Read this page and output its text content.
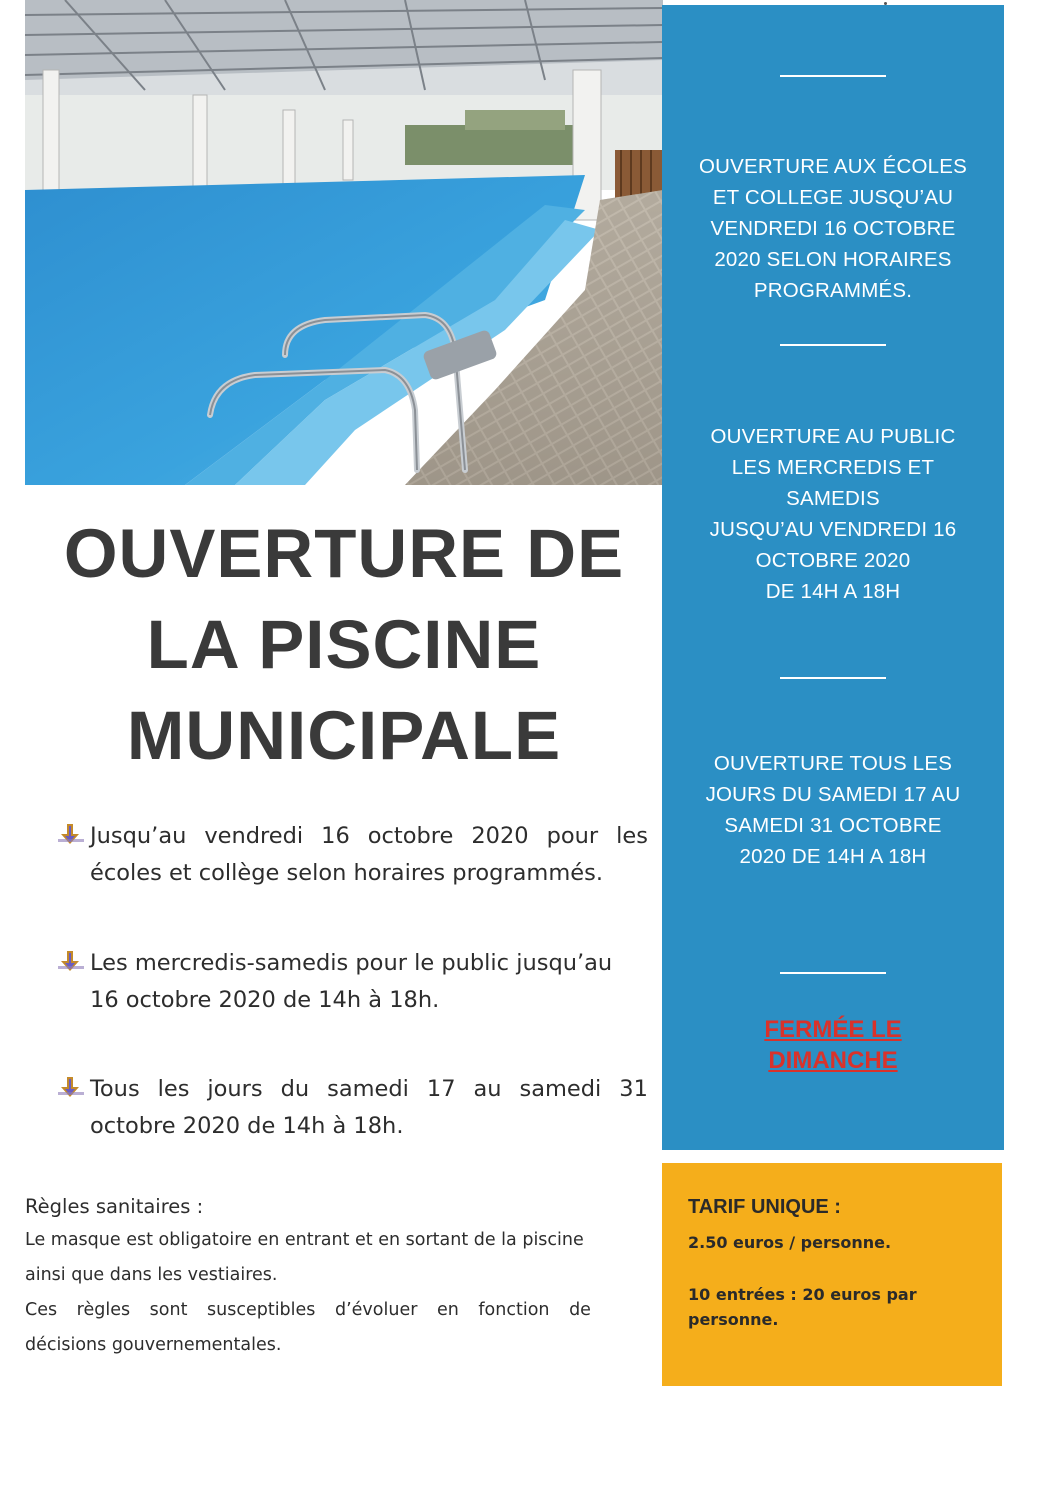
OUVERTURE AUX ÉCOLES
ET COLLEGE JUSQU’AU
VENDREDI 16 OCTOBRE
2020 SELON HORAIRES
PROGRAMMÉS.
OUVERTURE AU PUBLIC
LES MERCREDIS ET
SAMEDIS
JUSQU’AU VENDREDI 16
OCTOBRE 2020
DE 14H A 18H
OUVERTURE TOUS LES
JOURS DU SAMEDI 17 AU
SAMEDI 31 OCTOBRE
2020 DE 14H A 18H
FERMÉE LE
DIMANCHE
TARIF UNIQUE :
2.50 euros / personne.
10 entrées : 20 euros par
personne.
OUVERTURE DE
LA PISCINE
MUNICIPALE
Jusqu’au vendredi 16 octobre 2020 pour les
écoles et collège selon horaires programmés.
Les mercredis-samedis pour le public jusqu’au
16 octobre 2020 de 14h à 18h.
Tous les jours du samedi 17 au samedi 31
octobre 2020 de 14h à 18h.
Règles sanitaires :
Le masque est obligatoire en entrant et en sortant de la piscine
ainsi que dans les vestiaires.
Ces règles sont susceptibles d’évoluer en fonction de
décisions gouvernementales.
